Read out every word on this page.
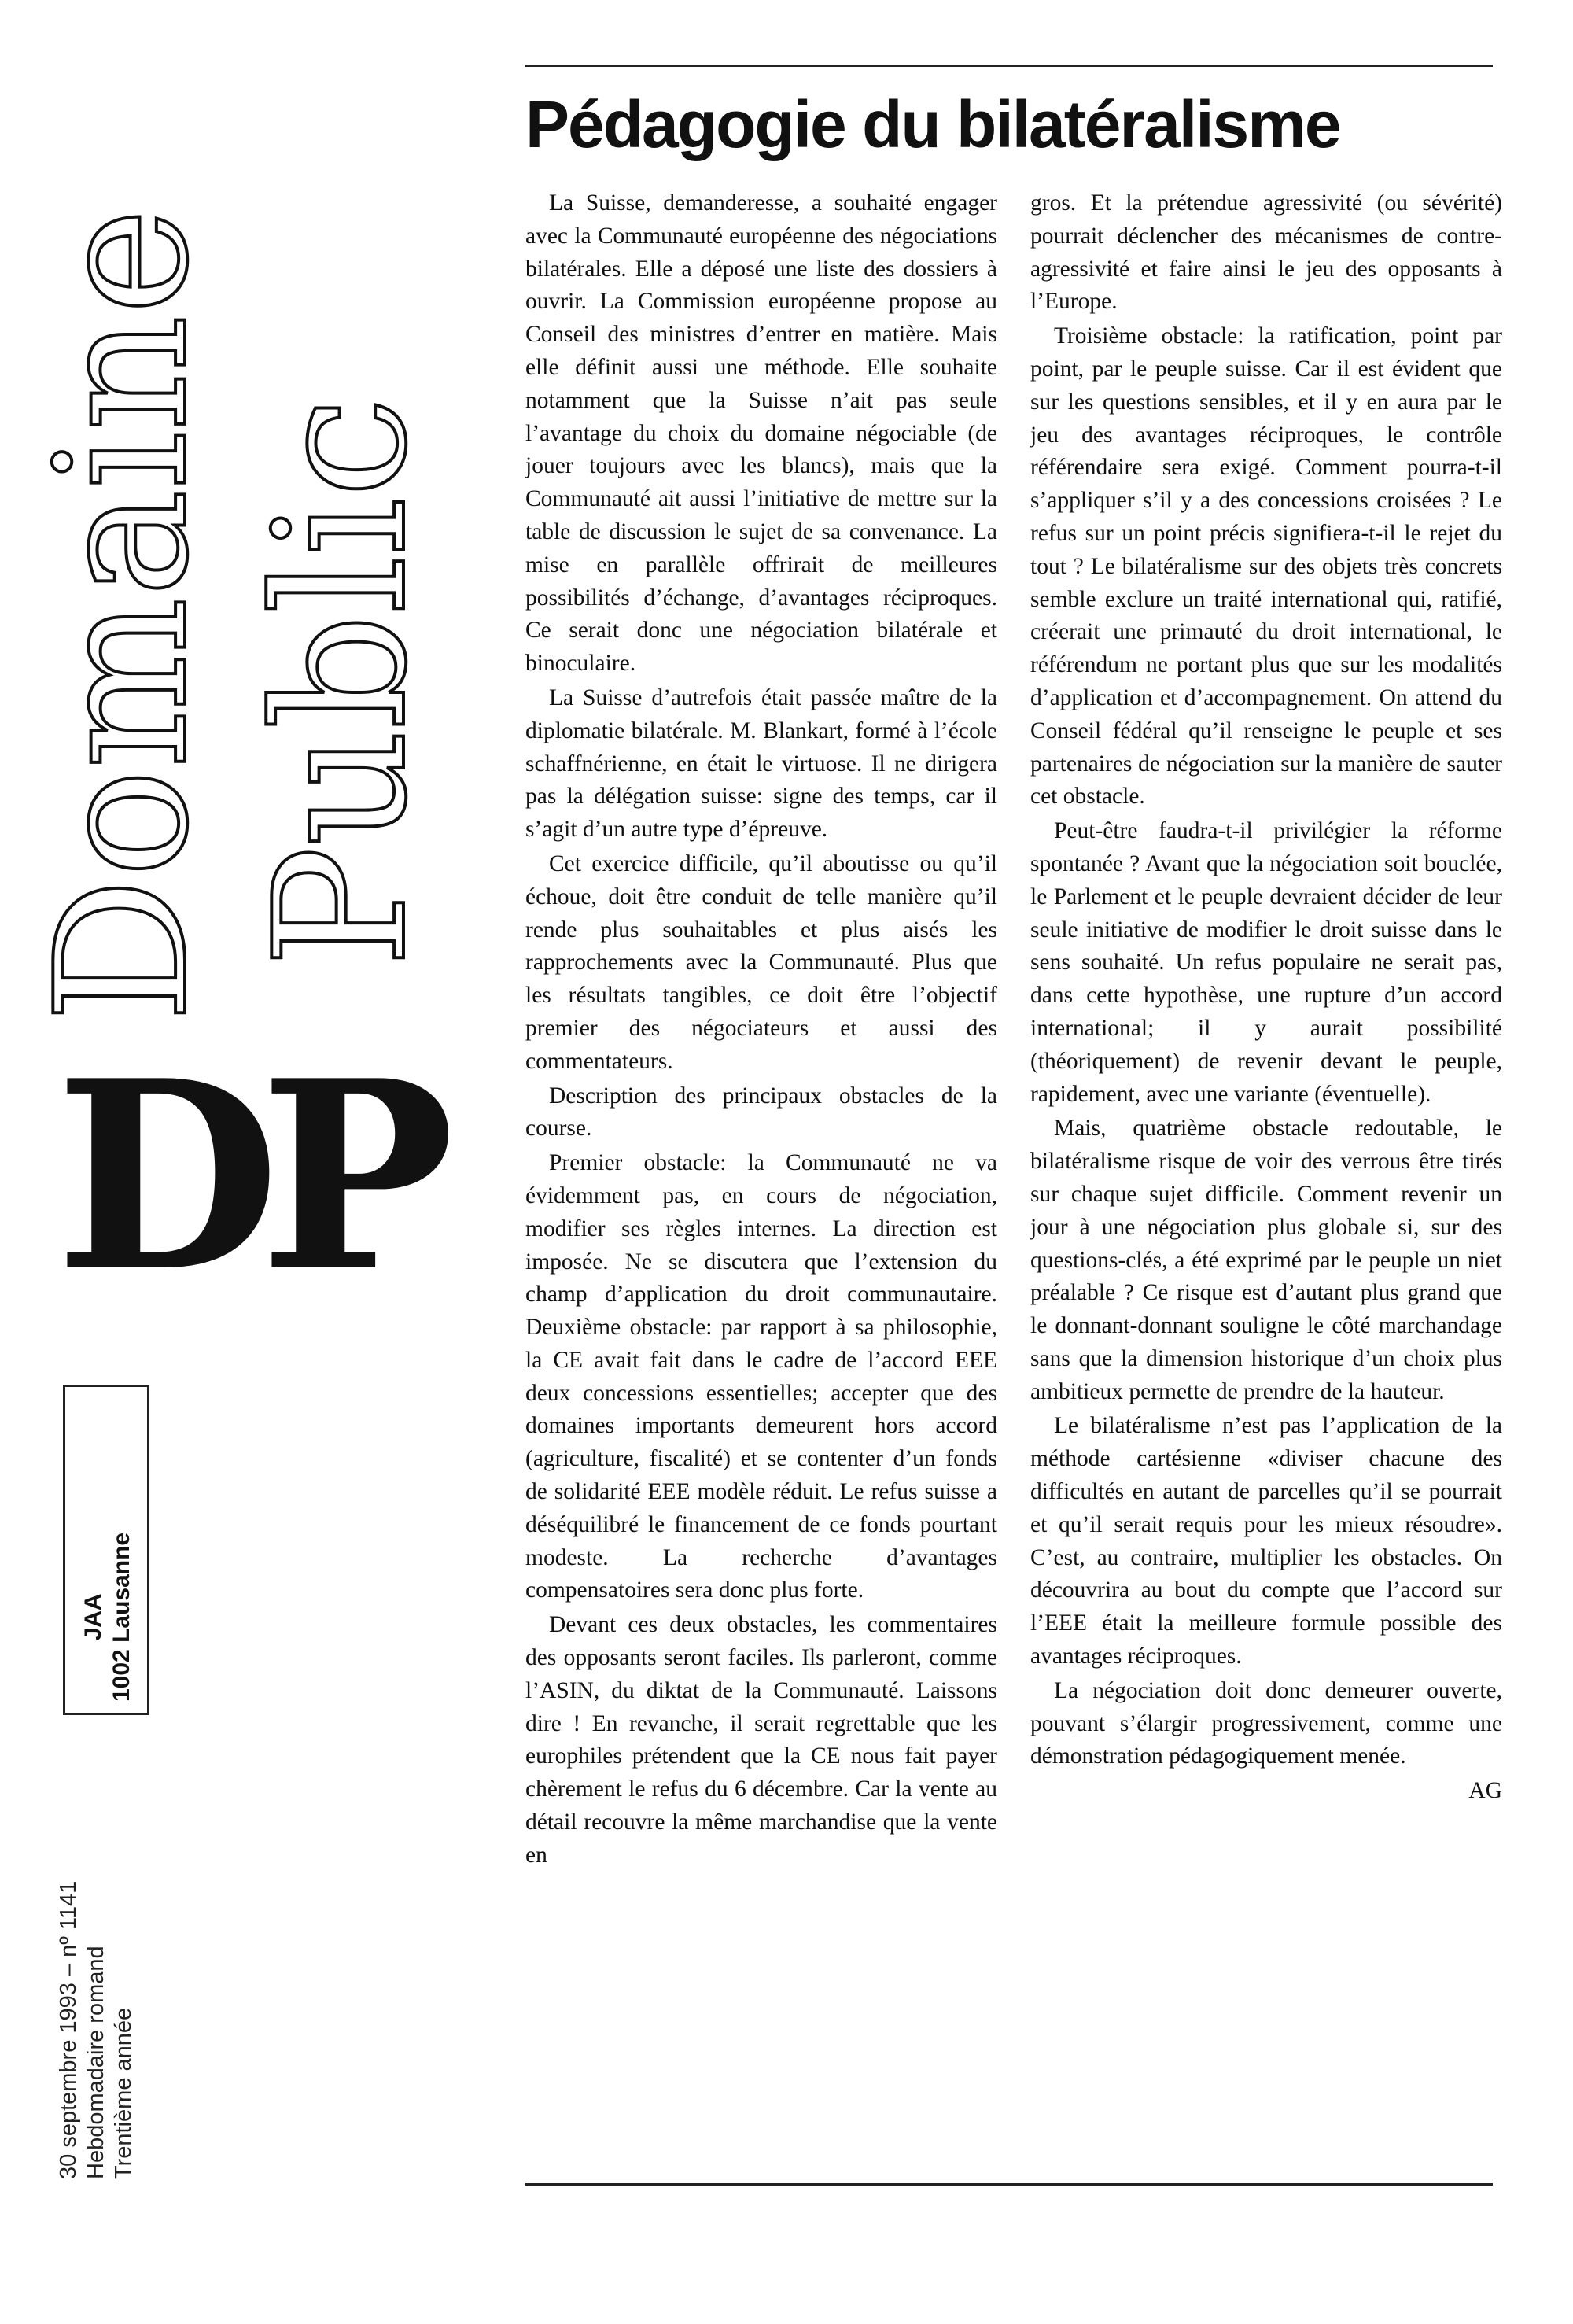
Domaine Public
D
P
JAA 1002 Lausanne
30 septembre 1993 – nº 1141 Hebdomadaire romand Trentième année
Pédagogie du bilatéralisme

La Suisse, demanderesse, a souhaité engager avec la Communauté européenne des négociations bilatérales. Elle a déposé une liste des dossiers à ouvrir. La Commission européenne propose au Conseil des ministres d’entrer en matière. Mais elle définit aussi une méthode. Elle souhaite notamment que la Suisse n’ait pas seule l’avantage du choix du domaine négociable (de jouer toujours avec les blancs), mais que la Communauté ait aussi l’initiative de mettre sur la table de discussion le sujet de sa convenance. La mise en parallèle offrirait de meilleures possibilités d’échange, d’avantages réciproques. Ce serait donc une négociation bilatérale et binoculaire.

La Suisse d’autrefois était passée maître de la diplomatie bilatérale. M. Blankart, formé à l’école schaffnérienne, en était le virtuose. Il ne dirigera pas la délégation suisse: signe des temps, car il s’agit d’un autre type d’épreuve.

Cet exercice difficile, qu’il aboutisse ou qu’il échoue, doit être conduit de telle manière qu’il rende plus souhaitables et plus aisés les rapprochements avec la Communauté. Plus que les résultats tangibles, ce doit être l’objectif premier des négociateurs et aussi des commentateurs.

Description des principaux obstacles de la course.

Premier obstacle: la Communauté ne va évidemment pas, en cours de négociation, modifier ses règles internes. La direction est imposée. Ne se discutera que l’extension du champ d’application du droit communautaire. Deuxième obstacle: par rapport à sa philosophie, la CE avait fait dans le cadre de l’accord EEE deux concessions essentielles; accepter que des domaines importants demeurent hors accord (agriculture, fiscalité) et se contenter d’un fonds de solidarité EEE modèle réduit. Le refus suisse a déséquilibré le financement de ce fonds pourtant modeste. La recherche d’avantages compensatoires sera donc plus forte.

Devant ces deux obstacles, les commentaires des opposants seront faciles. Ils parleront, comme l’ASIN, du diktat de la Communauté. Laissons dire ! En revanche, il serait regrettable que les europhiles prétendent que la CE nous fait payer chèrement le refus du 6 décembre. Car la vente au détail recouvre la même marchandise que la vente en

gros. Et la prétendue agressivité (ou sévérité) pourrait déclencher des mécanismes de contre-agressivité et faire ainsi le jeu des opposants à l’Europe.

Troisième obstacle: la ratification, point par point, par le peuple suisse. Car il est évident que sur les questions sensibles, et il y en aura par le jeu des avantages réciproques, le contrôle référendaire sera exigé. Comment pourra-t-il s’appliquer s’il y a des concessions croisées ? Le refus sur un point précis signifiera-t-il le rejet du tout ? Le bilatéralisme sur des objets très concrets semble exclure un traité international qui, ratifié, créerait une primauté du droit international, le référendum ne portant plus que sur les modalités d’application et d’accompagnement. On attend du Conseil fédéral qu’il renseigne le peuple et ses partenaires de négociation sur la manière de sauter cet obstacle.

Peut-être faudra-t-il privilégier la réforme spontanée ? Avant que la négociation soit bouclée, le Parlement et le peuple devraient décider de leur seule initiative de modifier le droit suisse dans le sens souhaité. Un refus populaire ne serait pas, dans cette hypothèse, une rupture d’un accord international; il y aurait possibilité (théoriquement) de revenir devant le peuple, rapidement, avec une variante (éventuelle).

Mais, quatrième obstacle redoutable, le bilatéralisme risque de voir des verrous être tirés sur chaque sujet difficile. Comment revenir un jour à une négociation plus globale si, sur des questions-clés, a été exprimé par le peuple un niet préalable ? Ce risque est d’autant plus grand que le donnant-donnant souligne le côté marchandage sans que la dimension historique d’un choix plus ambitieux permette de prendre de la hauteur.

Le bilatéralisme n’est pas l’application de la méthode cartésienne «diviser chacune des difficultés en autant de parcelles qu’il se pourrait et qu’il serait requis pour les mieux résoudre». C’est, au contraire, multiplier les obstacles. On découvrira au bout du compte que l’accord sur l’EEE était la meilleure formule possible des avantages réciproques.

La négociation doit donc demeurer ouverte, pouvant s’élargir progressivement, comme une démonstration pédagogiquement menée.

AG
